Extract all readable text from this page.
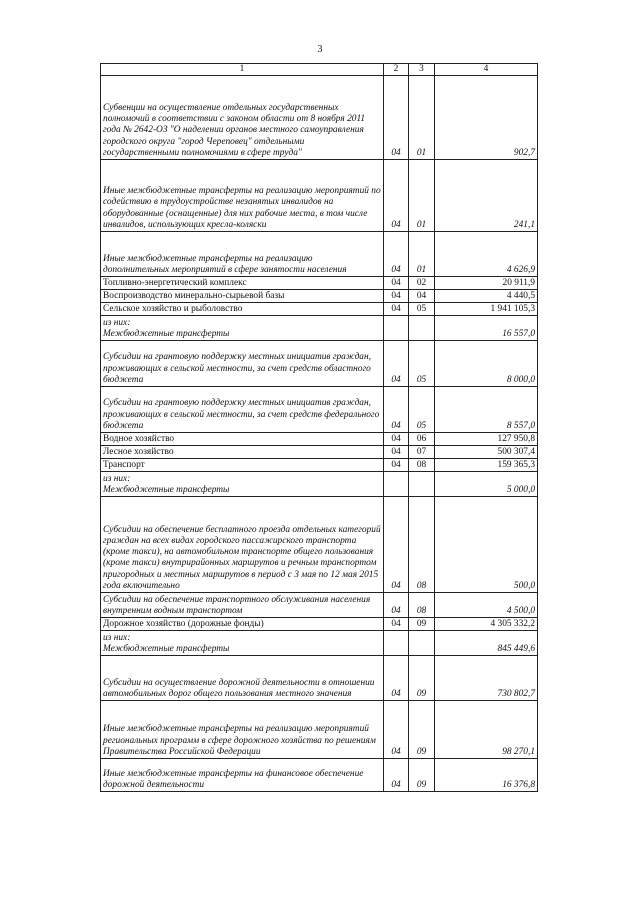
3
1	2	3	4
Субвенции на осуществление отдельных государственных полномочий в соответствии с законом области от 8 ноября 2011 года № 2642-ОЗ "О наделении органов местного самоуправления городского округа "город Череповец" отдельными государственными полномочиями в сфере труда"	04	01	902,7
Иные межбюджетные трансферты на реализацию мероприятий по содействию в трудоустройстве незанятых инвалидов на оборудованные (оснащенные) для них рабочие места, в том числе инвалидов, использующих кресла-коляски	04	01	241,1
Иные межбюджетные трансферты на реализацию дополнительных мероприятий в сфере занятости населения	04	01	4 626,9
Топливно-энергетический комплекс	04	02	20 911,9
Воспроизводство минерально-сырьевой базы	04	04	4 440,5
Сельское хозяйство и рыболовство	04	05	1 941 105,3
из них:
Межбюджетные трансферты			16 557,0
Субсидии на грантовую поддержку местных инициатив граждан, проживающих в сельской местности, за счет средств областного бюджета	04	05	8 000,0
Субсидии на грантовую поддержку местных инициатив граждан, проживающих в сельской местности, за счет средств федерального бюджета	04	05	8 557,0
Водное хозяйство	04	06	127 950,8
Лесное хозяйство	04	07	500 307,4
Транспорт	04	08	159 365,3
из них:
Межбюджетные трансферты			5 000,0
Субсидии на обеспечение бесплатного проезда отдельных категорий граждан на всех видах городского пассажирского транспорта (кроме такси), на автомобильном транспорте общего пользования (кроме такси) внутрирайонных маршрутов и речным транспортом пригородных и местных маршрутов в период с 3 мая по 12 мая 2015 года включительно	04	08	500,0
Субсидии на обеспечение транспортного обслуживания населения внутренним водным транспортом	04	08	4 500,0
Дорожное хозяйство (дорожные фонды)	04	09	4 305 332,2
из них:
Межбюджетные трансферты			845 449,6
Субсидии на осуществление дорожной деятельности в отношении автомобильных дорог общего пользования местного значения	04	09	730 802,7
Иные межбюджетные трансферты на реализацию мероприятий региональных программ в сфере дорожного хозяйства по решениям Правительства Российской Федерации	04	09	98 270,1
Иные межбюджетные трансферты на финансовое обеспечение дорожной деятельности	04	09	16 376,8
